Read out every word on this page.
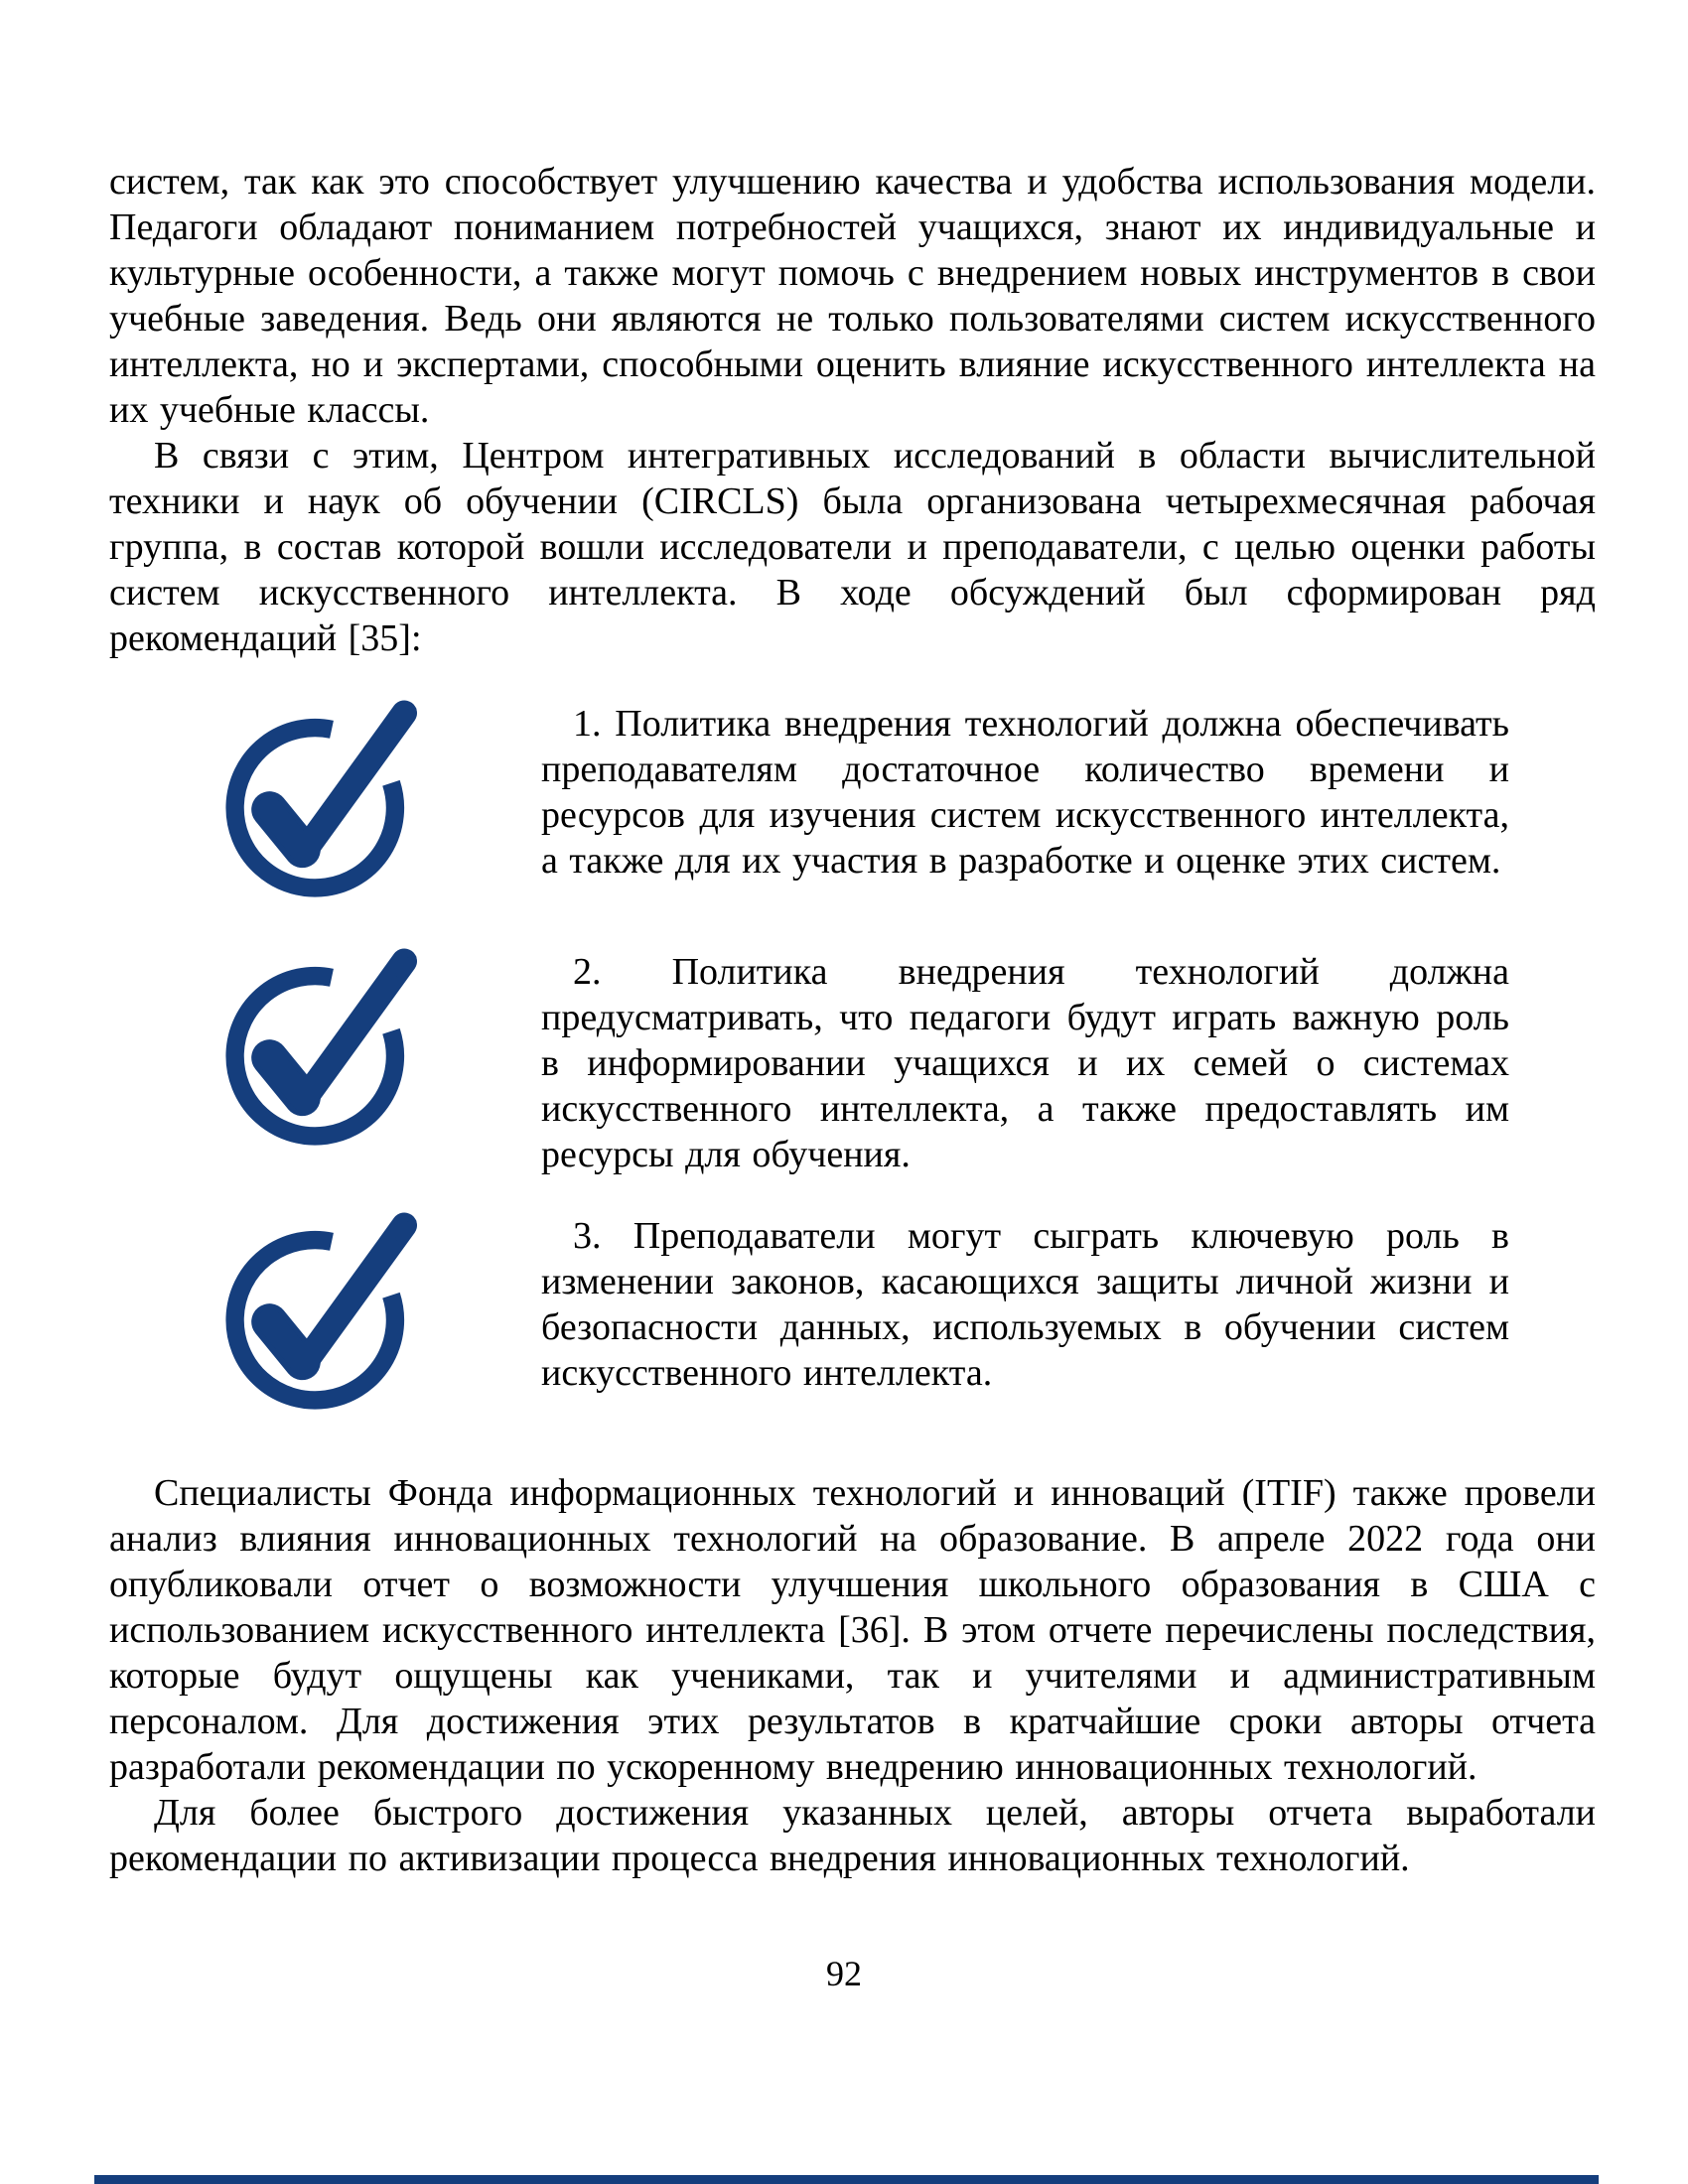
систем, так как это способствует улучшению качества и удобства использования модели. Педагоги обладают пониманием потребностей учащихся, знают их индивидуальные и культурные особенности, а также могут помочь с внедрением новых инструментов в свои учебные заведения. Ведь они являются не только пользователями систем искусственного интеллекта, но и экспертами, способными оценить влияние искусственного интеллекта на их учебные классы.

В связи с этим, Центром интегративных исследований в области вычислительной техники и наук об обучении (CIRCLS) была организована четырехмесячная рабочая группа, в состав которой вошли исследователи и преподаватели, с целью оценки работы систем искусственного интеллекта. В ходе обсуждений был сформирован ряд рекомендаций [35]:

1. Политика внедрения технологий должна обеспечивать преподавателям достаточное количество времени и ресурсов для изучения систем искусственного интеллекта, а также для их участия в разработке и оценке этих систем.
2. Политика внедрения технологий должна предусматривать, что педагоги будут играть важную роль в информировании учащихся и их семей о системах искусственного интеллекта, а также предоставлять им ресурсы для обучения.
3. Преподаватели могут сыграть ключевую роль в изменении законов, касающихся защиты личной жизни и безопасности данных, используемых в обучении систем искусственного интеллекта.

Специалисты Фонда информационных технологий и инноваций (ITIF) также провели анализ влияния инновационных технологий на образование. В апреле 2022 года они опубликовали отчет о возможности улучшения школьного образования в США с использованием искусственного интеллекта [36]. В этом отчете перечислены последствия, которые будут ощущены как учениками, так и учителями и административным персоналом. Для достижения этих результатов в кратчайшие сроки авторы отчета разработали рекомендации по ускоренному внедрению инновационных технологий.

Для более быстрого достижения указанных целей, авторы отчета выработали рекомендации по активизации процесса внедрения инновационных технологий.

92
